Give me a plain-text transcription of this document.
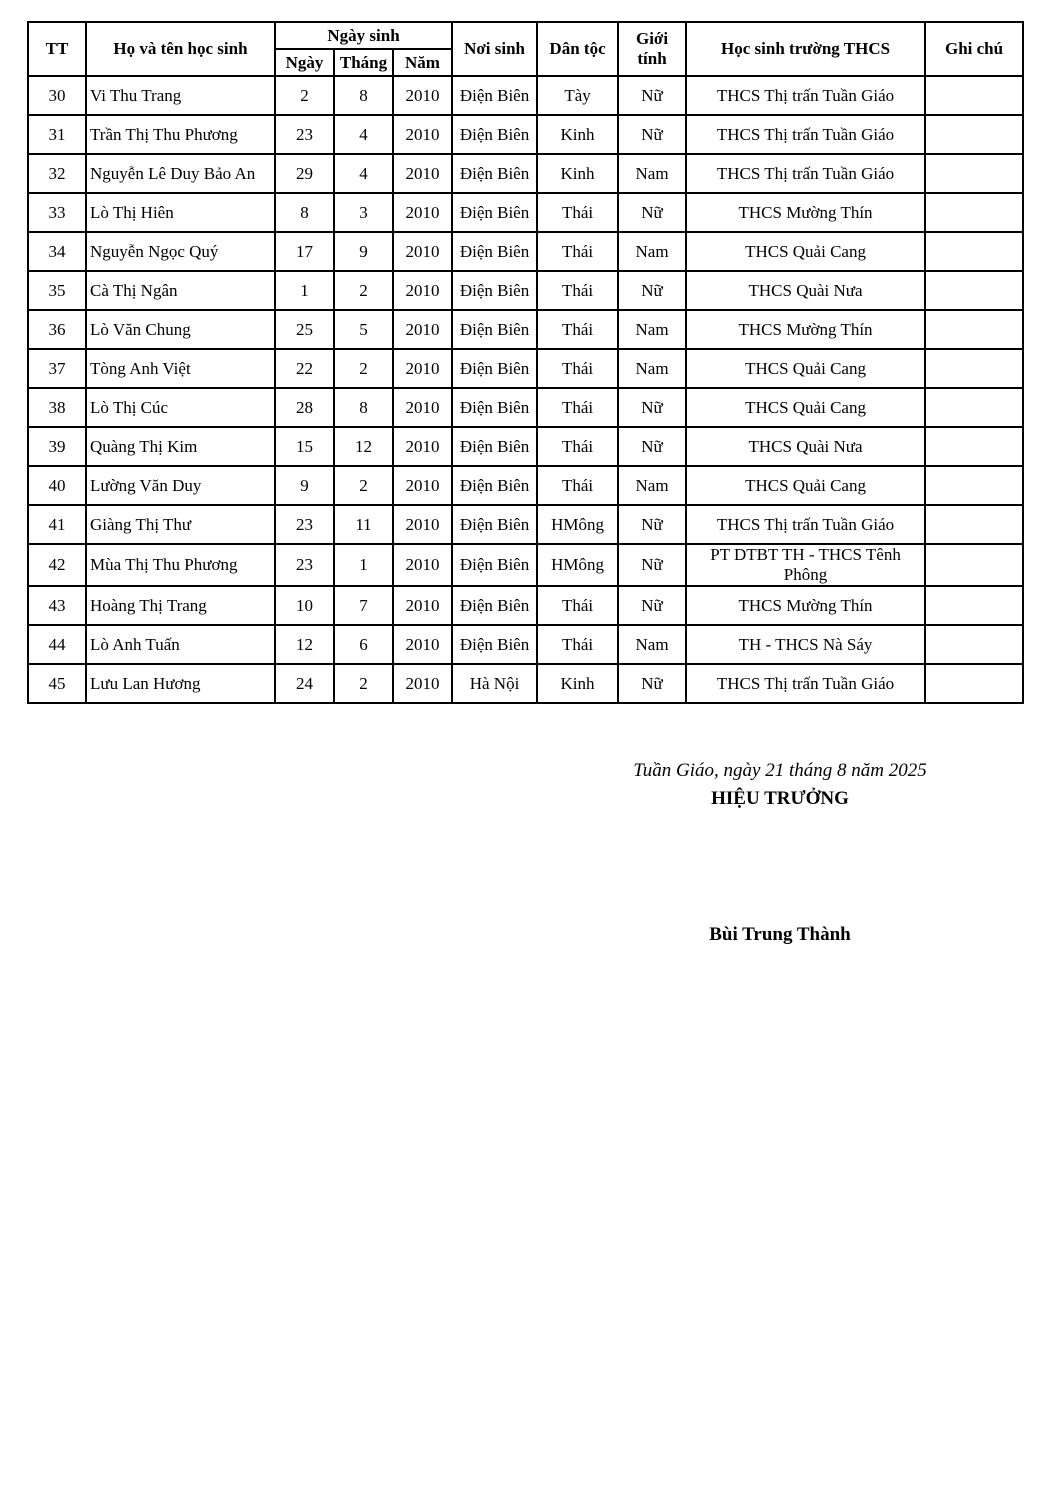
TT	Họ và tên học sinh	Ngày sinh			Nơi sinh	Dân tộc	Giới tính	Học sinh trường THCS	Ghi chú
		Ngày	Tháng	Năm					
30	Vi Thu Trang	2	8	2010	Điện Biên	Tày	Nữ	THCS Thị trấn Tuần Giáo	
31	Trần Thị Thu Phương	23	4	2010	Điện Biên	Kinh	Nữ	THCS Thị trấn Tuần Giáo	
32	Nguyễn Lê Duy Bảo An	29	4	2010	Điện Biên	Kinh	Nam	THCS Thị trấn Tuần Giáo	
33	Lò Thị Hiên	8	3	2010	Điện Biên	Thái	Nữ	THCS Mường Thín	
34	Nguyễn Ngọc Quý	17	9	2010	Điện Biên	Thái	Nam	THCS Quải Cang	
35	Cà Thị Ngân	1	2	2010	Điện Biên	Thái	Nữ	THCS Quài Nưa	
36	Lò Văn Chung	25	5	2010	Điện Biên	Thái	Nam	THCS Mường Thín	
37	Tòng Anh Việt	22	2	2010	Điện Biên	Thái	Nam	THCS Quải Cang	
38	Lò Thị Cúc	28	8	2010	Điện Biên	Thái	Nữ	THCS Quải Cang	
39	Quàng Thị Kim	15	12	2010	Điện Biên	Thái	Nữ	THCS Quài Nưa	
40	Lường Văn Duy	9	2	2010	Điện Biên	Thái	Nam	THCS Quải Cang	
41	Giàng Thị Thư	23	11	2010	Điện Biên	HMông	Nữ	THCS Thị trấn Tuần Giáo	
42	Mùa Thị Thu Phương	23	1	2010	Điện Biên	HMông	Nữ	PT DTBT TH - THCS Tênh Phông	
43	Hoàng Thị Trang	10	7	2010	Điện Biên	Thái	Nữ	THCS Mường Thín	
44	Lò Anh Tuấn	12	6	2010	Điện Biên	Thái	Nam	TH - THCS Nà Sáy	
45	Lưu Lan Hương	24	2	2010	Hà Nội	Kinh	Nữ	THCS Thị trấn Tuần Giáo	
Tuần Giáo, ngày 21 tháng 8 năm 2025
HIỆU TRƯỞNG
Bùi Trung Thành
